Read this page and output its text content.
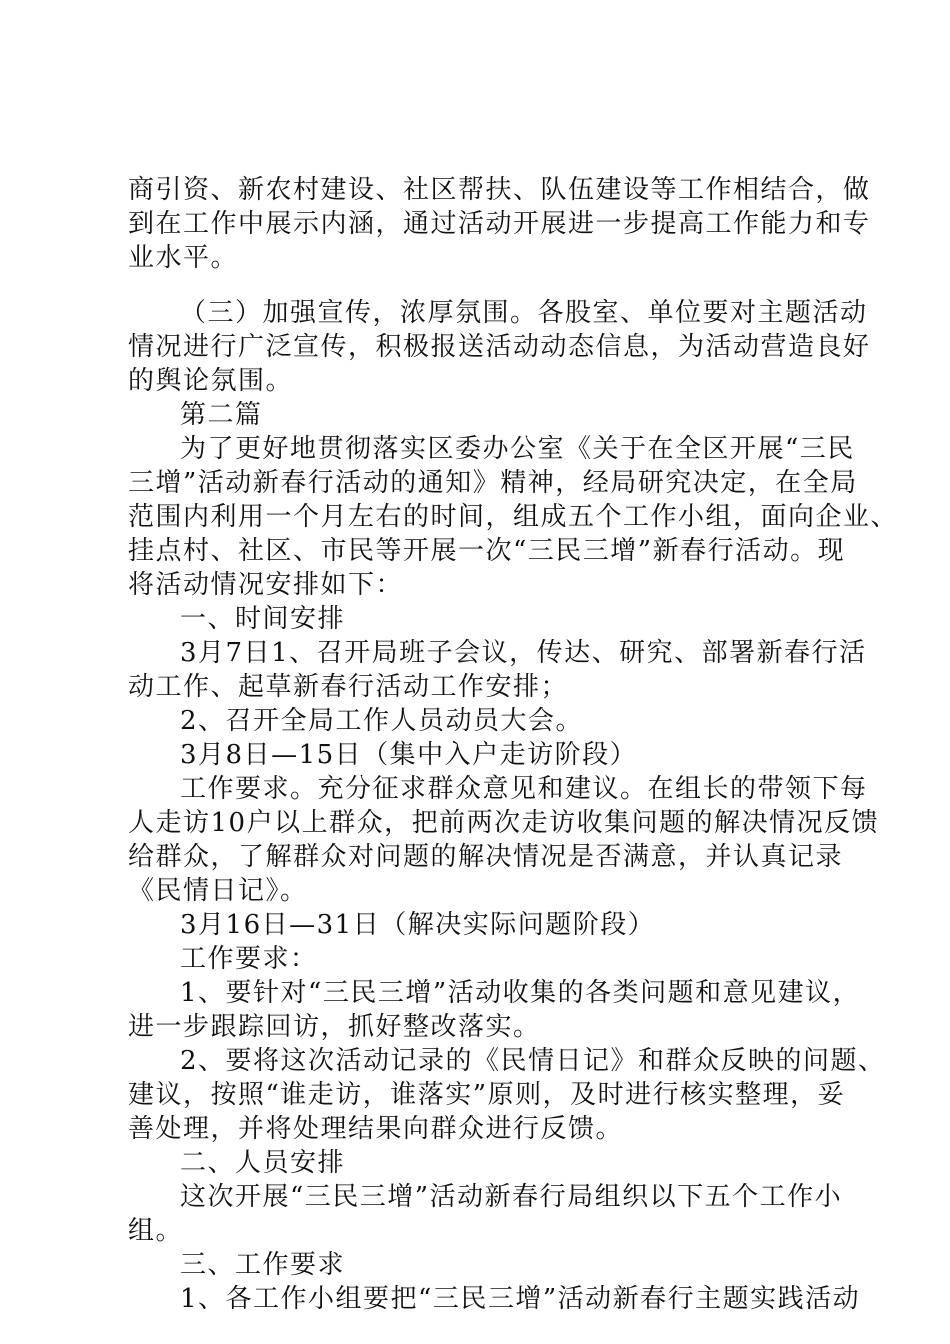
商引资、新农村建设、社区帮扶、队伍建设等工作相结合，做
到在工作中展示内涵，通过活动开展进一步提高工作能力和专
业水平。
（三）加强宣传，浓厚氛围。各股室、单位要对主题活动
情况进行广泛宣传，积极报送活动动态信息，为活动营造良好
的舆论氛围。
第二篇
为了更好地贯彻落实区委办公室《关于在全区开展“三民
三增”活动新春行活动的通知》精神，经局研究决定，在全局
范围内利用一个月左右的时间，组成五个工作小组，面向企业、
挂点村、社区、市民等开展一次“三民三增”新春行活动。现
将活动情况安排如下：
一、时间安排
3月7日1、召开局班子会议，传达、研究、部署新春行活
动工作、起草新春行活动工作安排；
2、召开全局工作人员动员大会。
3月8日—15日（集中入户走访阶段）
工作要求。充分征求群众意见和建议。在组长的带领下每
人走访10户以上群众，把前两次走访收集问题的解决情况反馈
给群众，了解群众对问题的解决情况是否满意，并认真记录
《民情日记》。
3月16日—31日（解决实际问题阶段）
工作要求：
1、要针对“三民三增”活动收集的各类问题和意见建议，
进一步跟踪回访，抓好整改落实。
2、要将这次活动记录的《民情日记》和群众反映的问题、
建议，按照“谁走访，谁落实”原则，及时进行核实整理，妥
善处理，并将处理结果向群众进行反馈。
二、人员安排
这次开展“三民三增”活动新春行局组织以下五个工作小
组。
三、工作要求
1、各工作小组要把“三民三增”活动新春行主题实践活动
